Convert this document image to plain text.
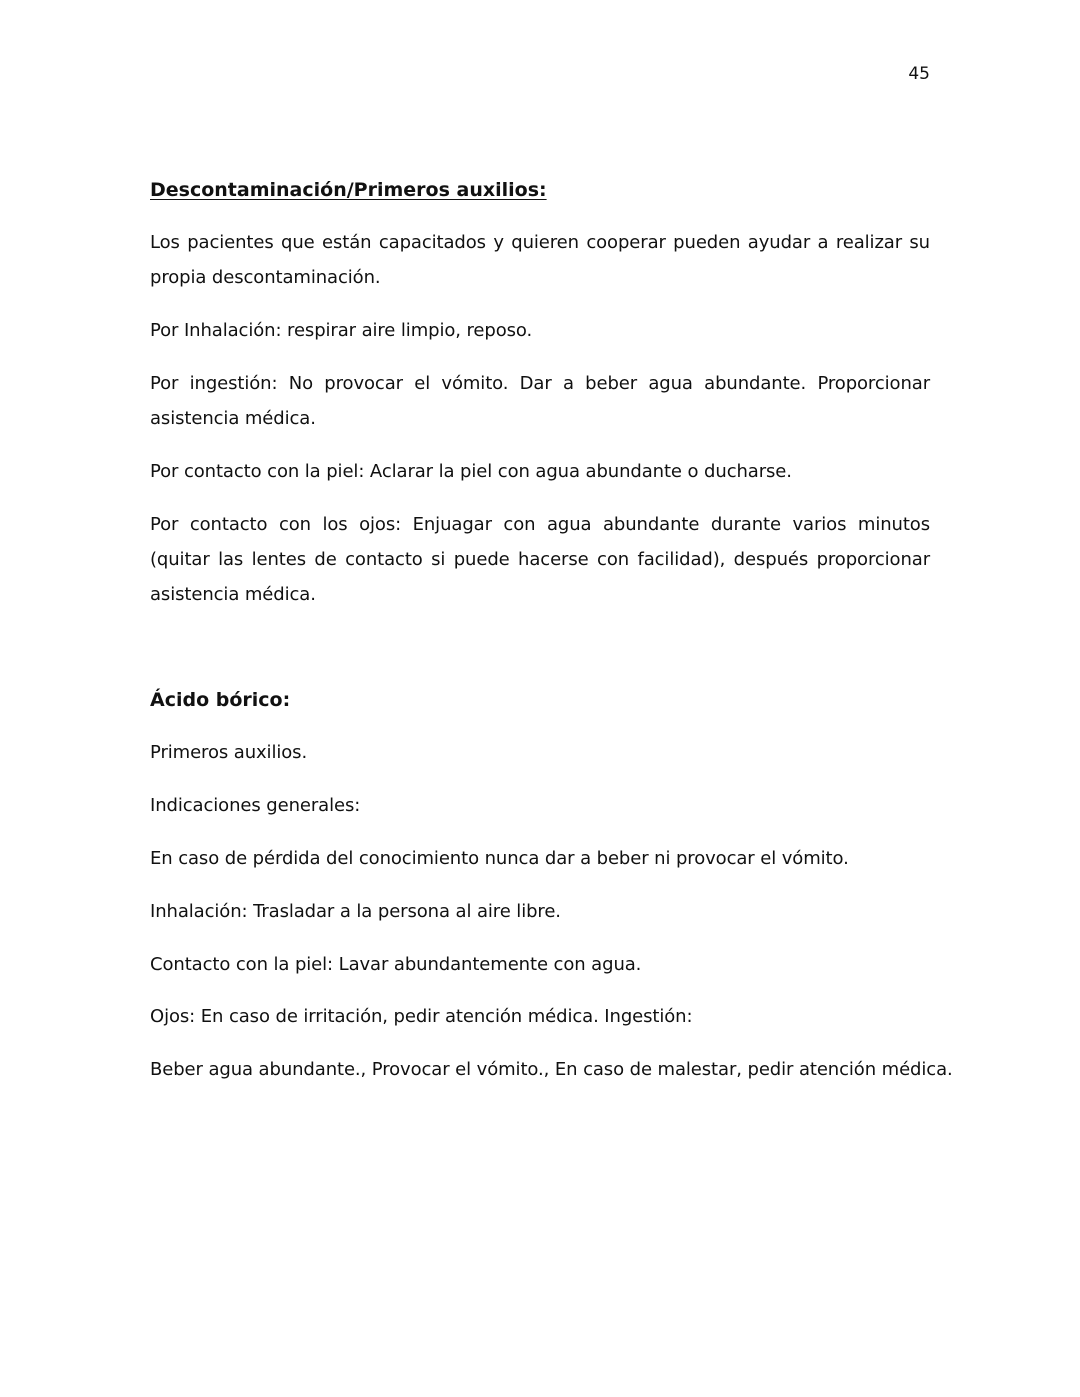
45
Descontaminación/Primeros auxilios:
Los pacientes que están capacitados y quieren cooperar pueden ayudar a realizar su propia descontaminación.
Por Inhalación: respirar aire limpio, reposo.
Por ingestión: No provocar el vómito. Dar a beber agua abundante. Proporcionar asistencia médica.
Por contacto con la piel: Aclarar la piel con agua abundante o ducharse.
Por contacto con los ojos: Enjuagar con agua abundante durante varios minutos (quitar las lentes de contacto si puede hacerse con facilidad), después proporcionar asistencia médica.
Ácido bórico:
Primeros auxilios.
Indicaciones generales:
En caso de pérdida del conocimiento nunca dar a beber ni provocar el vómito.
Inhalación: Trasladar a la persona al aire libre.
Contacto con la piel: Lavar abundantemente con agua.
Ojos: En caso de irritación, pedir atención médica. Ingestión:
Beber agua abundante., Provocar el vómito., En caso de malestar, pedir atención médica.
